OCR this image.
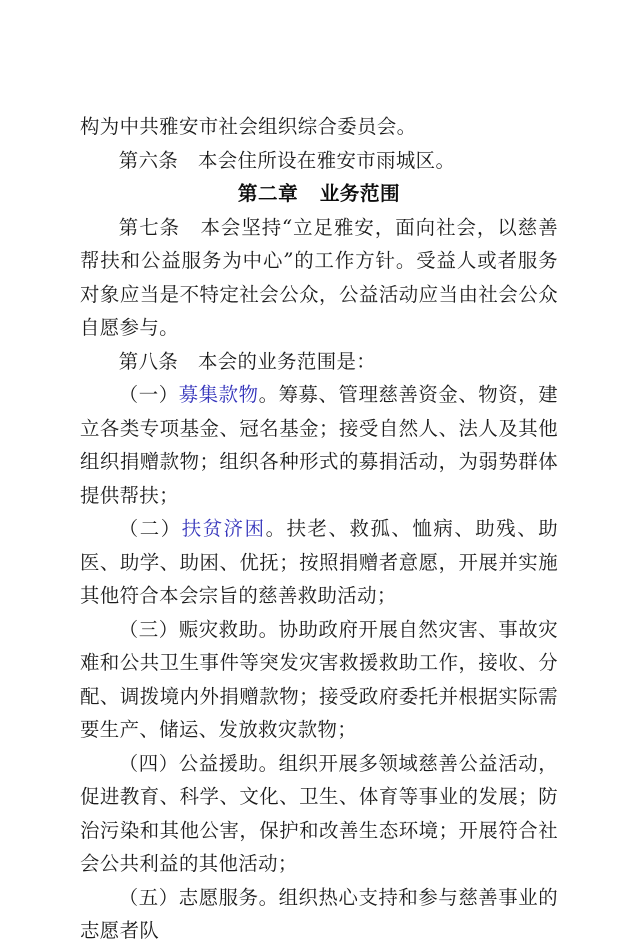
构为中共雅安市社会组织综合委员会。

第六条　本会住所设在雅安市雨城区。

第二章 业务范围

第七条　本会坚持“立足雅安，面向社会，以慈善帮扶和公益服务为中心”的工作方针。受益人或者服务对象应当是不特定社会公众，公益活动应当由社会公众自愿参与。

第八条　本会的业务范围是：

（一）募集款物。筹募、管理慈善资金、物资，建立各类专项基金、冠名基金；接受自然人、法人及其他组织捐赠款物；组织各种形式的募捐活动，为弱势群体提供帮扶；

（二）扶贫济困。扶老、救孤、恤病、助残、助医、助学、助困、优抚；按照捐赠者意愿，开展并实施其他符合本会宗旨的慈善救助活动；

（三）赈灾救助。协助政府开展自然灾害、事故灾难和公共卫生事件等突发灾害救援救助工作，接收、分配、调拨境内外捐赠款物；接受政府委托并根据实际需要生产、储运、发放救灾款物；

（四）公益援助。组织开展多领域慈善公益活动，促进教育、科学、文化、卫生、体育等事业的发展；防治污染和其他公害，保护和改善生态环境；开展符合社会公共利益的其他活动；

（五）志愿服务。组织热心支持和参与慈善事业的志愿者队
